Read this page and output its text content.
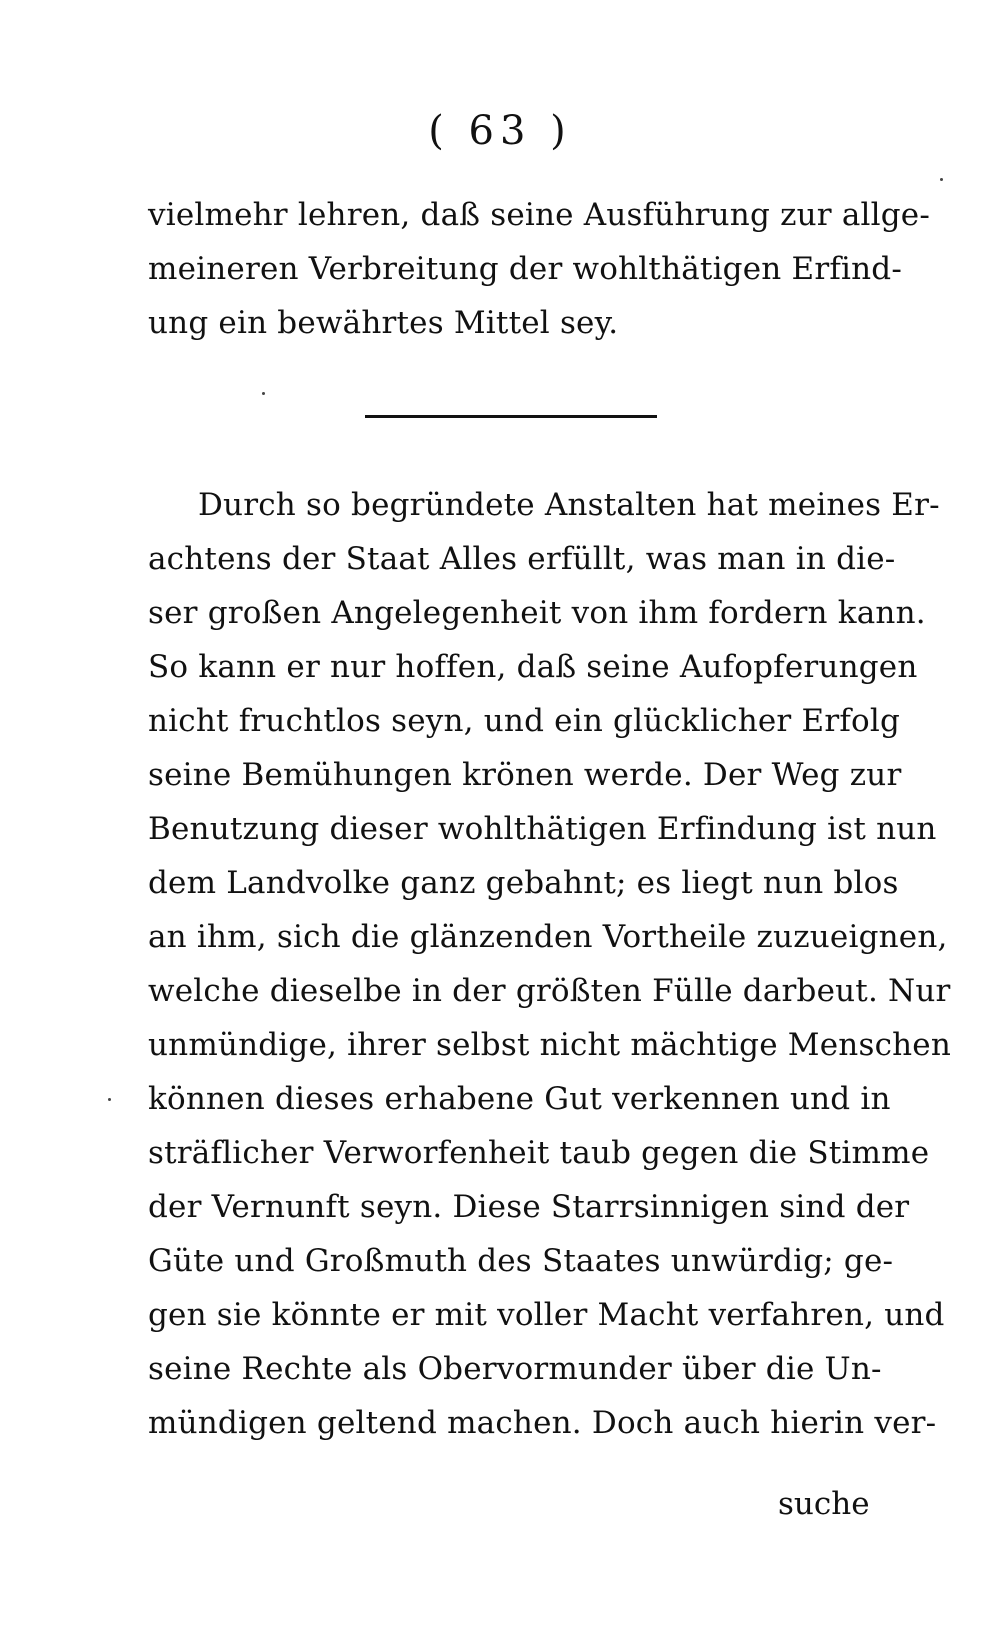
( 63 )
vielmehr lehren, daß seine Ausführung zur allge-
meineren Verbreitung der wohlthätigen Erfind-
ung ein bewährtes Mittel sey.
Durch so begründete Anstalten hat meines Er-
achtens der Staat Alles erfüllt, was man in die-
ser großen Angelegenheit von ihm fordern kann.
So kann er nur hoffen, daß seine Aufopferungen
nicht fruchtlos seyn, und ein glücklicher Erfolg
seine Bemühungen krönen werde. Der Weg zur
Benutzung dieser wohlthätigen Erfindung ist nun
dem Landvolke ganz gebahnt; es liegt nun blos
an ihm, sich die glänzenden Vortheile zuzueignen,
welche dieselbe in der größten Fülle darbeut. Nur
unmündige, ihrer selbst nicht mächtige Menschen
können dieses erhabene Gut verkennen und in
sträflicher Verworfenheit taub gegen die Stimme
der Vernunft seyn. Diese Starrsinnigen sind der
Güte und Großmuth des Staates unwürdig; ge-
gen sie könnte er mit voller Macht verfahren, und
seine Rechte als Obervormunder über die Un-
mündigen geltend machen. Doch auch hierin ver-
suche
